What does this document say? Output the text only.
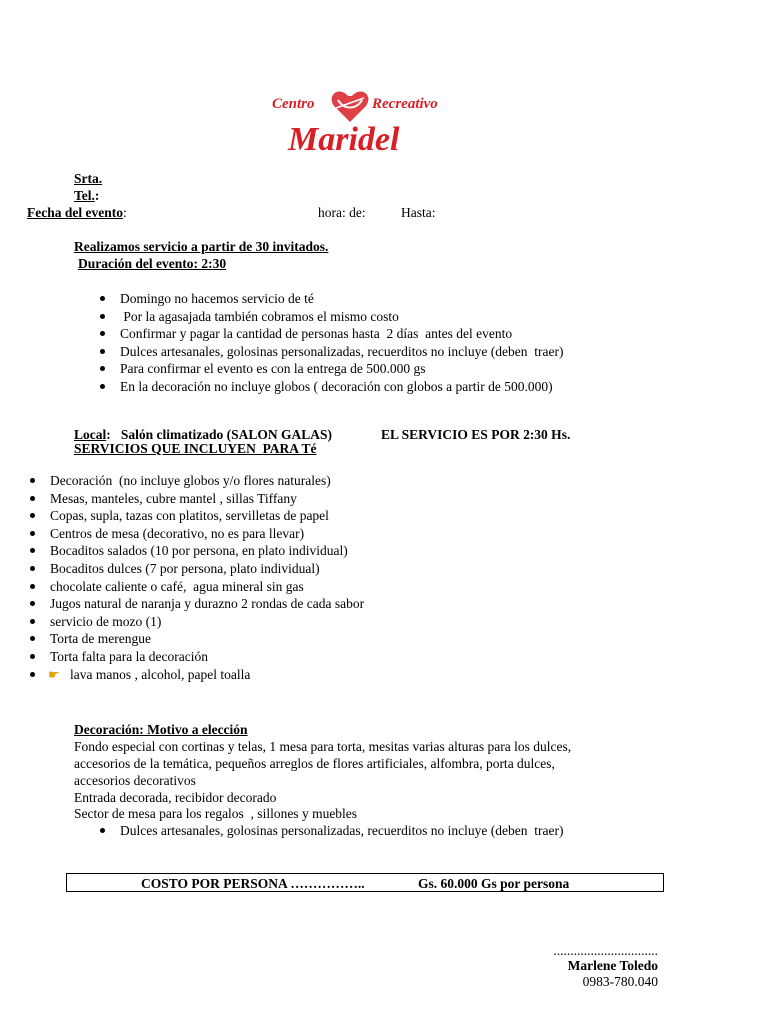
Centro	Recreativo
Maridel
Srta.
Tel.:
Fecha del evento:	hora: de:	Hasta:
Realizamos servicio a partir de 30 invitados.
Duración del evento: 2:30
Domingo no hacemos servicio de té
Por la agasajada también cobramos el mismo costo
Confirmar y pagar la cantidad de personas hasta  2 días  antes del evento
Dulces artesanales, golosinas personalizadas, recuerditos no incluye (deben  traer)
Para confirmar el evento es con la entrega de 500.000 gs
En la decoración no incluye globos ( decoración con globos a partir de 500.000)
Local: Salón climatizado (SALON GALAS)	EL SERVICIO ES POR 2:30 Hs.
SERVICIOS QUE INCLUYEN  PARA Té
Decoración  (no incluye globos y/o flores naturales)
Mesas, manteles, cubre mantel , sillas Tiffany
Copas, supla, tazas con platitos, servilletas de papel
Centros de mesa (decorativo, no es para llevar)
Bocaditos salados (10 por persona, en plato individual)
Bocaditos dulces (7 por persona, plato individual)
chocolate caliente o café,  agua mineral sin gas
Jugos natural de naranja y durazno 2 rondas de cada sabor
servicio de mozo (1)
Torta de merengue
Torta falta para la decoración
☛ lava manos , alcohol, papel toalla
Decoración: Motivo a elección
Fondo especial con cortinas y telas, 1 mesa para torta, mesitas varias alturas para los dulces,
accesorios de la temática, pequeños arreglos de flores artificiales, alfombra, porta dulces,
accesorios decorativos
Entrada decorada, recibidor decorado
Sector de mesa para los regalos  , sillones y muebles
Dulces artesanales, golosinas personalizadas, recuerditos no incluye (deben  traer)
COSTO POR PERSONA ……………..	Gs. 60.000 Gs por persona
...............................
Marlene Toledo
0983-780.040
